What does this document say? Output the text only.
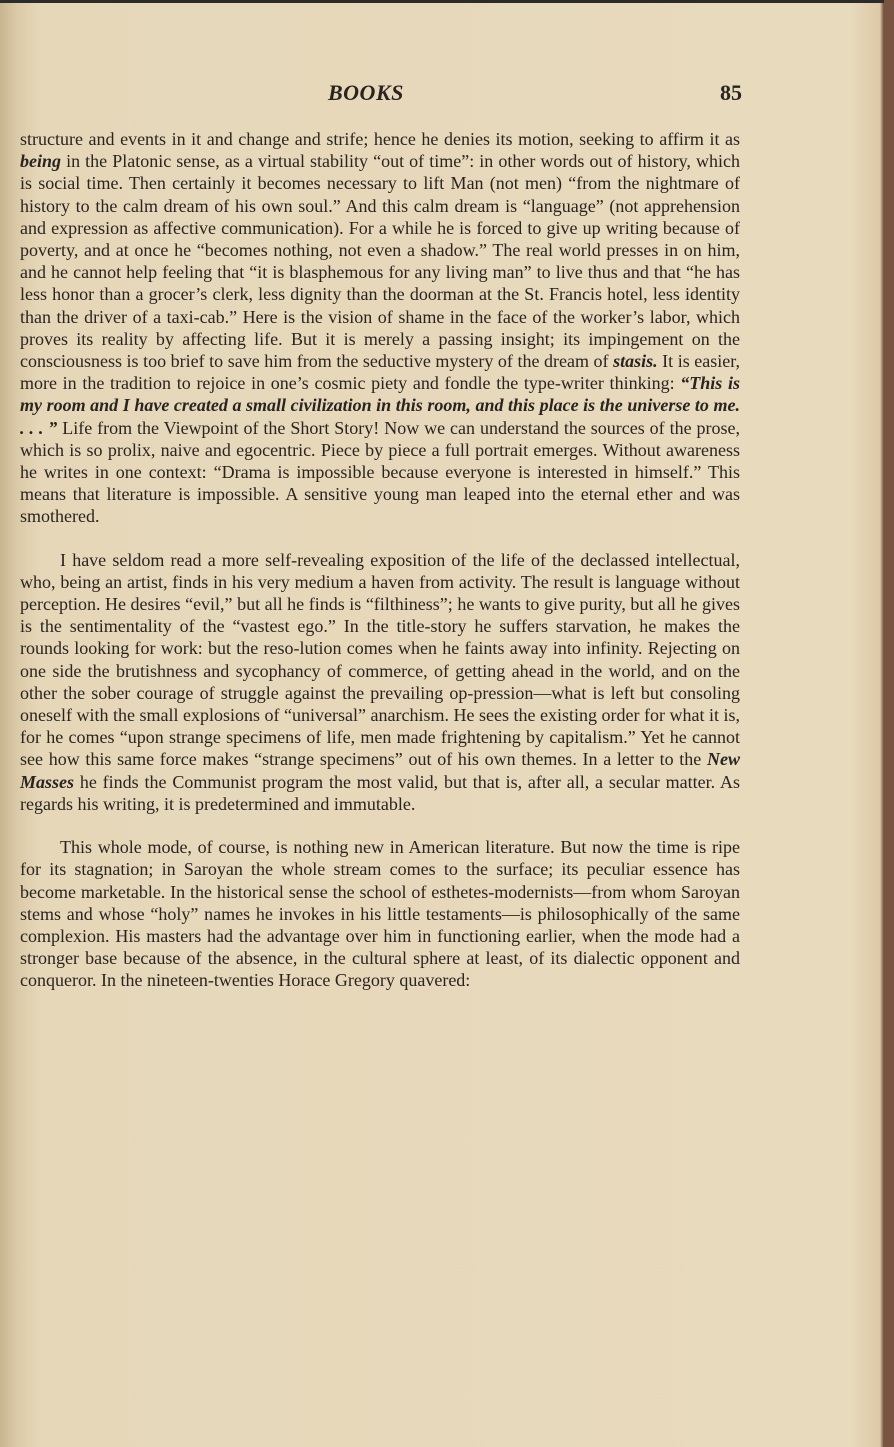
BOOKS	85

structure and events in it and change and strife; hence he denies its motion, seeking to affirm it as being in the Platonic sense, as a virtual stability “out of time”: in other words out of history, which is social time. Then certainly it becomes necessary to lift Man (not men) “from the nightmare of history to the calm dream of his own soul.” And this calm dream is “language” (not apprehension and expression as affective communication). For a while he is forced to give up writing because of poverty, and at once he “becomes nothing, not even a shadow.” The real world presses in on him, and he cannot help feeling that “it is blasphemous for any living man” to live thus and that “he has less honor than a grocer’s clerk, less dignity than the doorman at the St. Francis hotel, less identity than the driver of a taxi-cab.” Here is the vision of shame in the face of the worker’s labor, which proves its reality by affecting life. But it is merely a passing insight; its impingement on the consciousness is too brief to save him from the seductive mystery of the dream of stasis. It is easier, more in the tradition to rejoice in one’s cosmic piety and fondle the type-writer thinking: “This is my room and I have created a small civilization in this room, and this place is the universe to me. . . . ” Life from the Viewpoint of the Short Story! Now we can understand the sources of the prose, which is so prolix, naive and egocentric. Piece by piece a full portrait emerges. Without awareness he writes in one context: “Drama is impossible because everyone is interested in himself.” This means that literature is impossible. A sensitive young man leaped into the eternal ether and was smothered.

I have seldom read a more self-revealing exposition of the life of the declassed intellectual, who, being an artist, finds in his very medium a haven from activity. The result is language without perception. He desires “evil,” but all he finds is “filthiness”; he wants to give purity, but all he gives is the sentimentality of the “vastest ego.” In the title-story he suffers starvation, he makes the rounds looking for work: but the reso-lution comes when he faints away into infinity. Rejecting on one side the brutishness and sycophancy of commerce, of getting ahead in the world, and on the other the sober courage of struggle against the prevailing op-pression—what is left but consoling oneself with the small explosions of “universal” anarchism. He sees the existing order for what it is, for he comes “upon strange specimens of life, men made frightening by capitalism.” Yet he cannot see how this same force makes “strange specimens” out of his own themes. In a letter to the New Masses he finds the Communist program the most valid, but that is, after all, a secular matter. As regards his writing, it is predetermined and immutable.

This whole mode, of course, is nothing new in American literature. But now the time is ripe for its stagnation; in Saroyan the whole stream comes to the surface; its peculiar essence has become marketable. In the historical sense the school of esthetes-modernists—from whom Saroyan stems and whose “holy” names he invokes in his little testaments—is philosophically of the same complexion. His masters had the advantage over him in functioning earlier, when the mode had a stronger base because of the absence, in the cultural sphere at least, of its dialectic opponent and conqueror. In the nineteen-twenties Horace Gregory quavered:
